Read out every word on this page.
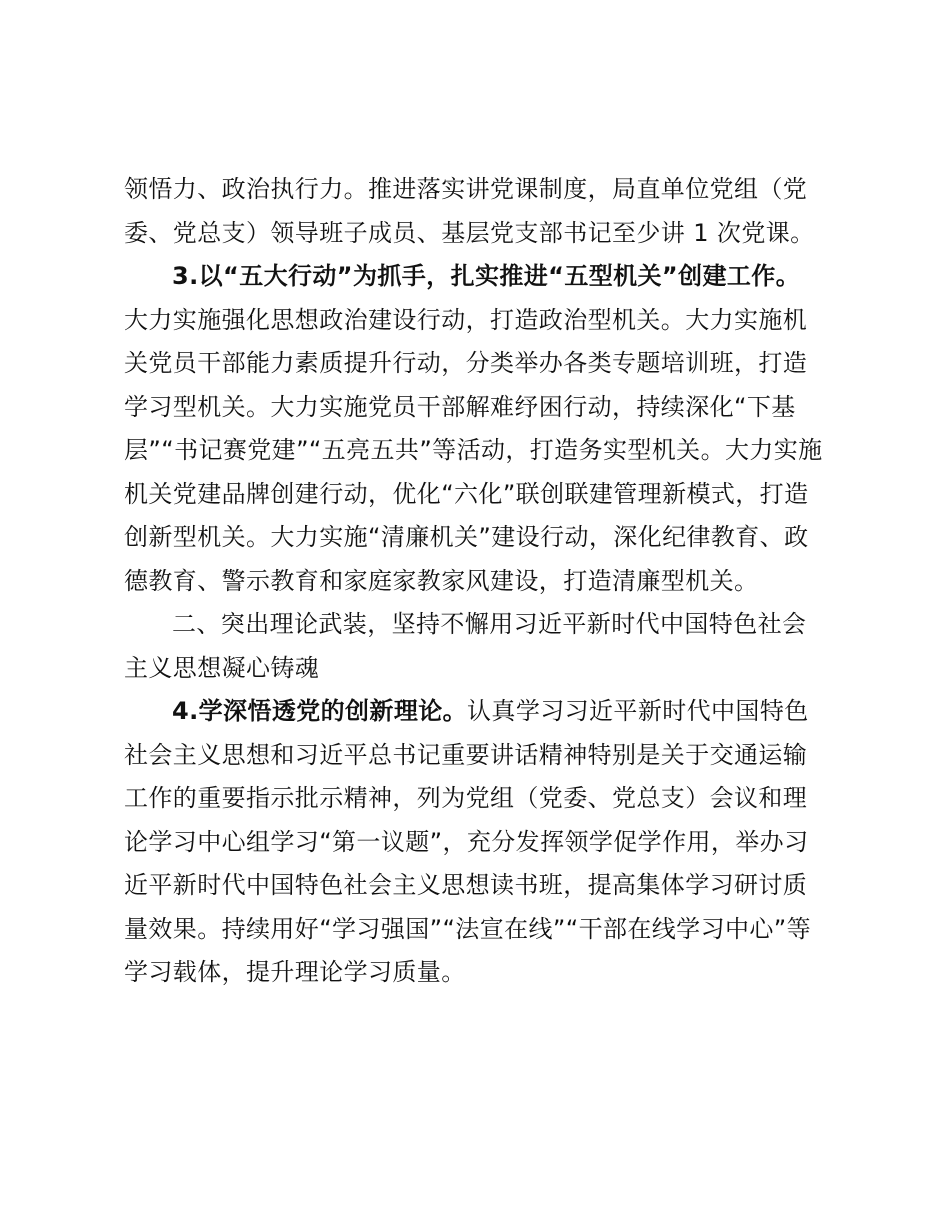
领悟力、政治执行力。推进落实讲党课制度，局直单位党组（党
委、党总支）领导班子成员、基层党支部书记至少讲 1 次党课。
3.以“五大行动”为抓手，扎实推进“五型机关”创建工作。
大力实施强化思想政治建设行动，打造政治型机关。大力实施机
关党员干部能力素质提升行动，分类举办各类专题培训班，打造
学习型机关。大力实施党员干部解难纾困行动，持续深化“下基
层”“书记赛党建”“五亮五共”等活动，打造务实型机关。大力实施
机关党建品牌创建行动，优化“六化”联创联建管理新模式，打造
创新型机关。大力实施“清廉机关”建设行动，深化纪律教育、政
德教育、警示教育和家庭家教家风建设，打造清廉型机关。
二、突出理论武装，坚持不懈用习近平新时代中国特色社会
主义思想凝心铸魂
4.学深悟透党的创新理论。认真学习习近平新时代中国特色
社会主义思想和习近平总书记重要讲话精神特别是关于交通运输
工作的重要指示批示精神，列为党组（党委、党总支）会议和理
论学习中心组学习“第一议题”，充分发挥领学促学作用，举办习
近平新时代中国特色社会主义思想读书班，提高集体学习研讨质
量效果。持续用好“学习强国”“法宣在线”“干部在线学习中心”等
学习载体，提升理论学习质量。
